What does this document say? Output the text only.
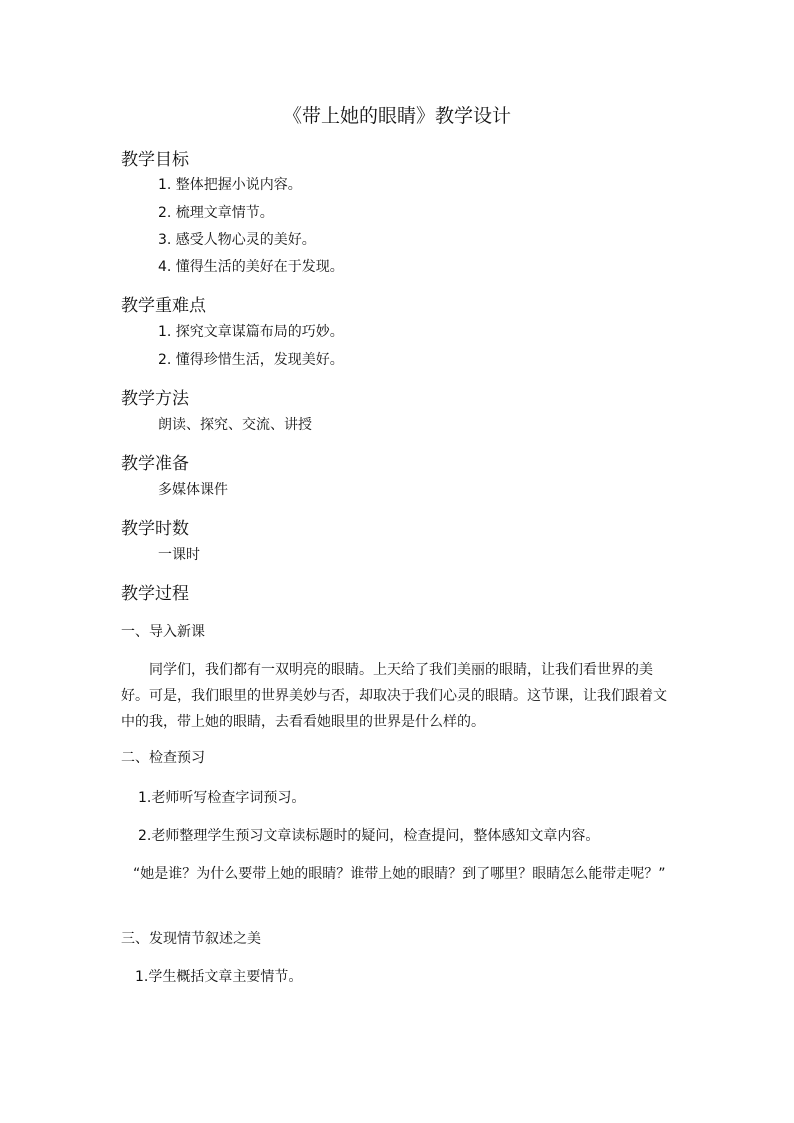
《带上她的眼睛》教学设计
教学目标
1. 整体把握小说内容。
2. 梳理文章情节。
3. 感受人物心灵的美好。
4. 懂得生活的美好在于发现。
教学重难点
1. 探究文章谋篇布局的巧妙。
2. 懂得珍惜生活，发现美好。
教学方法
朗读、探究、交流、讲授
教学准备
多媒体课件
教学时数
一课时
教学过程
一、导入新课

同学们，我们都有一双明亮的眼睛。上天给了我们美丽的眼睛，让我们看世界的美好。可是，我们眼里的世界美妙与否，却取决于我们心灵的眼睛。这节课，让我们跟着文中的我，带上她的眼睛，去看看她眼里的世界是什么样的。

二、检查预习
1.老师听写检查字词预习。
2.老师整理学生预习文章读标题时的疑问，检查提问，整体感知文章内容。

“她是谁？为什么要带上她的眼睛？谁带上她的眼睛？到了哪里？眼睛怎么能带走呢？”

三、发现情节叙述之美
1.学生概括文章主要情节。
